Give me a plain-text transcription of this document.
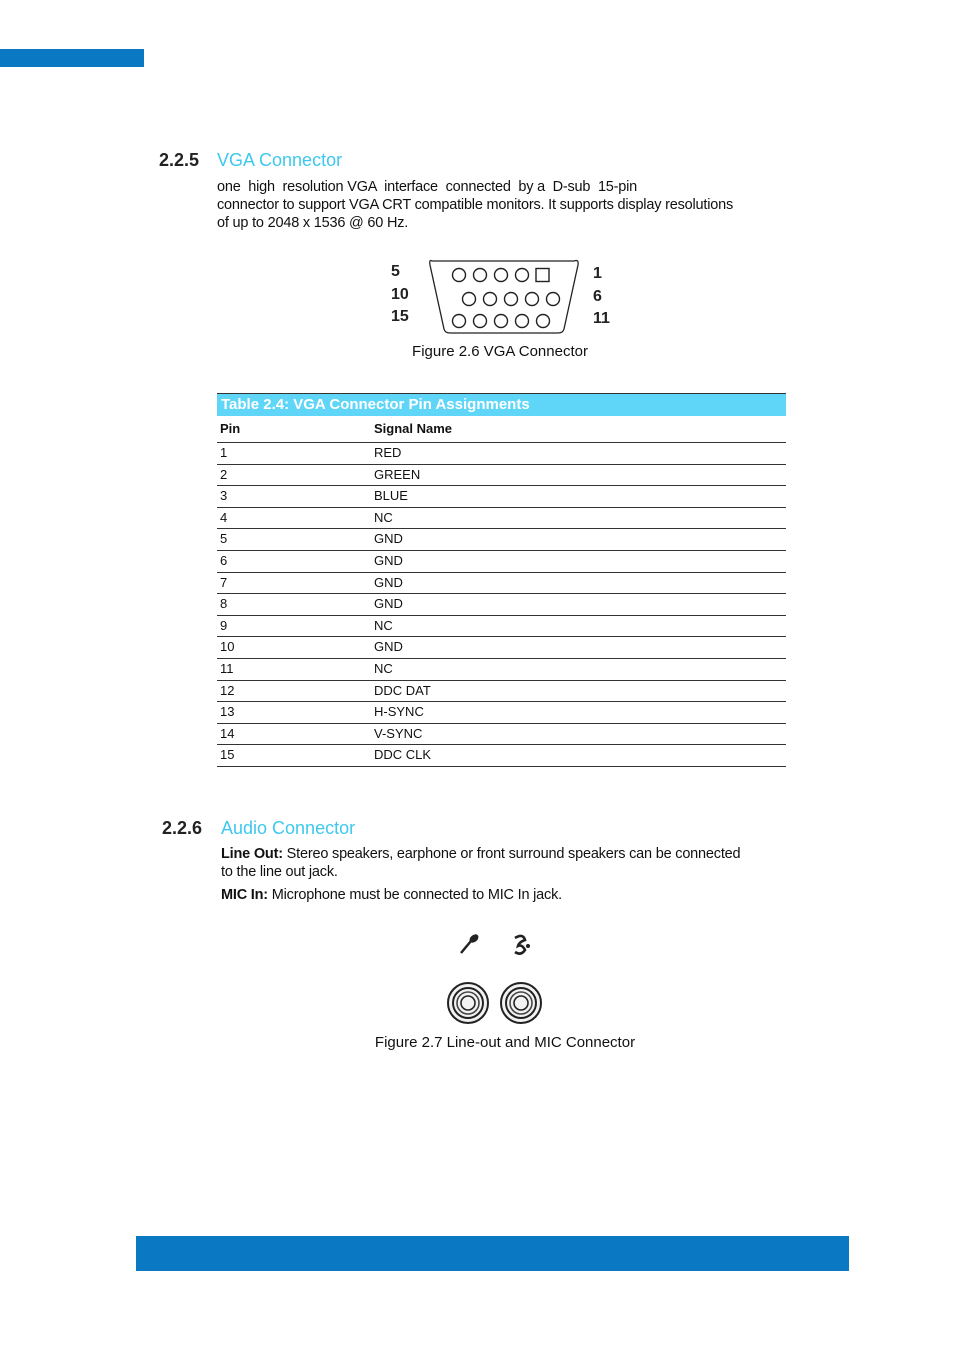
2.2.5 VGA Connector
one  high  resolution VGA  interface  connected  by a  D-sub  15-pin
connector to support VGA CRT compatible monitors. It supports display resolutions
of up to 2048 x 1536 @ 60 Hz.
5
10
15
1
6
11
Figure 2.6 VGA Connector
Table 2.4: VGA Connector Pin Assignments
Pin	Signal Name
1	RED
2	GREEN
3	BLUE
4	NC
5	GND
6	GND
7	GND
8	GND
9	NC
10	GND
11	NC
12	DDC DAT
13	H-SYNC
14	V-SYNC
15	DDC CLK
2.2.6 Audio Connector
Line Out: Stereo speakers, earphone or front surround speakers can be connected
to the line out jack.
MIC In: Microphone must be connected to MIC In jack.
Figure 2.7 Line-out and MIC Connector
